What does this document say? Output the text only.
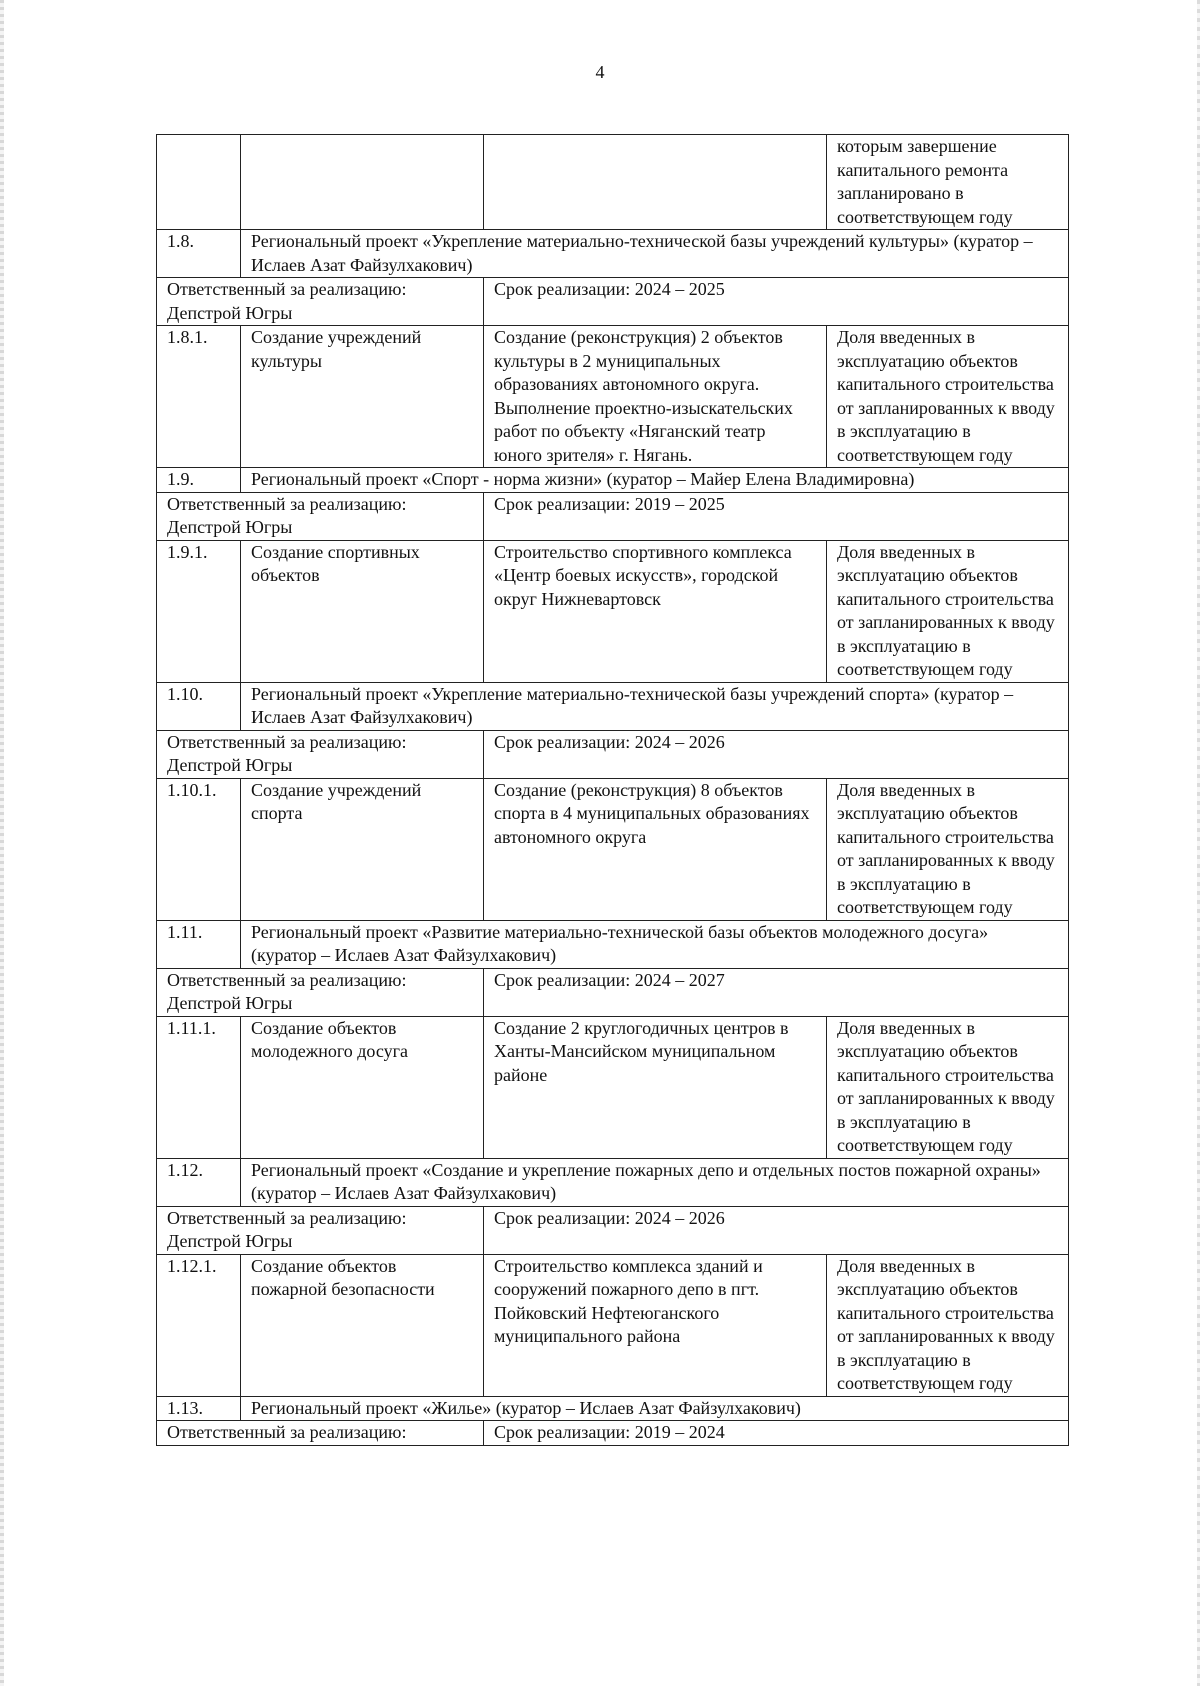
4
			которым завершение капитального ремонта запланировано в соответствующем году
1.8.	Региональный проект «Укрепление материально-технической базы учреждений культуры» (куратор – Ислаев Азат Файзулхакович)		
Ответственный за реализацию: Депстрой Югры		Срок реализации: 2024 – 2025	
1.8.1.	Создание учреждений культуры	Создание (реконструкция) 2 объектов культуры в 2 муниципальных образованиях автономного округа. Выполнение проектно-изыскательских работ по объекту «Няганский театр юного зрителя» г. Нягань.	Доля введенных в эксплуатацию объектов капитального строительства от запланированных к вводу в эксплуатацию в соответствующем году
1.9.	Региональный проект «Спорт - норма жизни» (куратор – Майер Елена Владимировна)		
Ответственный за реализацию: Депстрой Югры		Срок реализации: 2019 – 2025	
1.9.1.	Создание спортивных объектов	Строительство спортивного комплекса «Центр боевых искусств», городской округ Нижневартовск	Доля введенных в эксплуатацию объектов капитального строительства от запланированных к вводу в эксплуатацию в соответствующем году
1.10.	Региональный проект «Укрепление материально-технической базы учреждений спорта» (куратор – Ислаев Азат Файзулхакович)		
Ответственный за реализацию: Депстрой Югры		Срок реализации: 2024 – 2026	
1.10.1.	Создание учреждений спорта	Создание (реконструкция) 8 объектов спорта в 4 муниципальных образованиях автономного округа	Доля введенных в эксплуатацию объектов капитального строительства от запланированных к вводу в эксплуатацию в соответствующем году
1.11.	Региональный проект «Развитие материально-технической базы объектов молодежного досуга» (куратор – Ислаев Азат Файзулхакович)		
Ответственный за реализацию: Депстрой Югры		Срок реализации: 2024 – 2027	
1.11.1.	Создание объектов молодежного досуга	Создание 2 круглогодичных центров в Ханты-Мансийском муниципальном районе	Доля введенных в эксплуатацию объектов капитального строительства от запланированных к вводу в эксплуатацию в соответствующем году
1.12.	Региональный проект «Создание и укрепление пожарных депо и отдельных постов пожарной охраны» (куратор – Ислаев Азат Файзулхакович)		
Ответственный за реализацию: Депстрой Югры		Срок реализации: 2024 – 2026	
1.12.1.	Создание объектов пожарной безопасности	Строительство комплекса зданий и сооружений пожарного депо в пгт. Пойковский Нефтеюганского муниципального района	Доля введенных в эксплуатацию объектов капитального строительства от запланированных к вводу в эксплуатацию в соответствующем году
1.13.	Региональный проект «Жилье» (куратор – Ислаев Азат Файзулхакович)		
Ответственный за реализацию:		Срок реализации: 2019 – 2024	
